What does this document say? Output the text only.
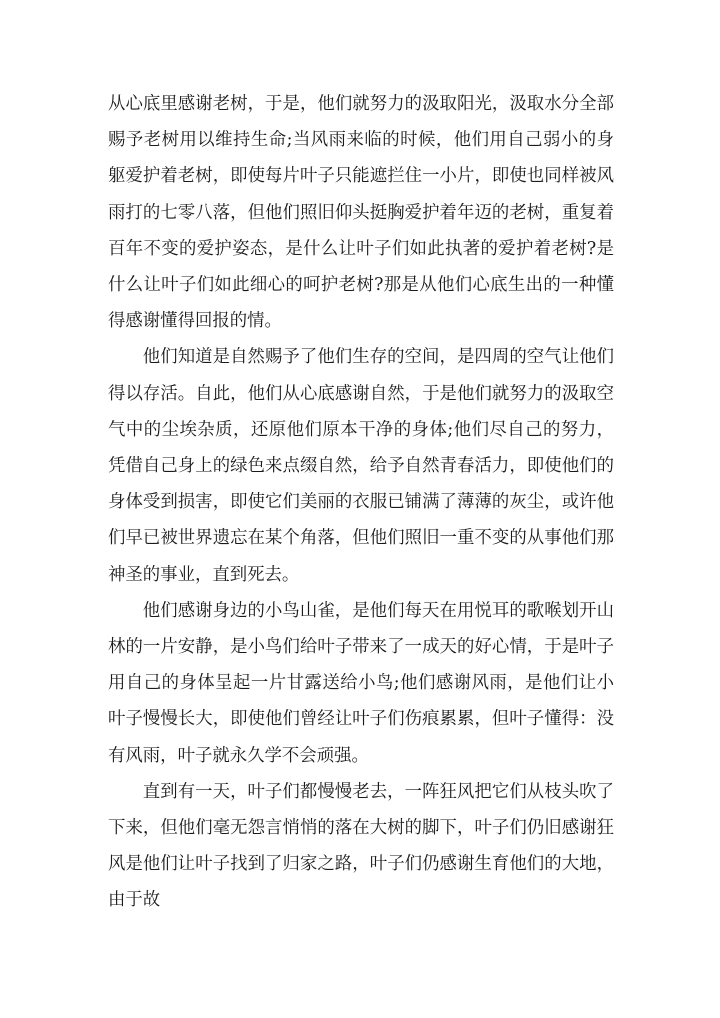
从心底里感谢老树，于是，他们就努力的汲取阳光，汲取水分全部赐予老树用以维持生命;当风雨来临的时候，他们用自己弱小的身躯爱护着老树，即使每片叶子只能遮拦住一小片，即使也同样被风雨打的七零八落，但他们照旧仰头挺胸爱护着年迈的老树，重复着百年不变的爱护姿态，是什么让叶子们如此执著的爱护着老树?是什么让叶子们如此细心的呵护老树?那是从他们心底生出的一种懂得感谢懂得回报的情。

他们知道是自然赐予了他们生存的空间，是四周的空气让他们得以存活。自此，他们从心底感谢自然，于是他们就努力的汲取空气中的尘埃杂质，还原他们原本干净的身体;他们尽自己的努力，凭借自己身上的绿色来点缀自然，给予自然青春活力，即使他们的身体受到损害，即使它们美丽的衣服已铺满了薄薄的灰尘，或许他们早已被世界遗忘在某个角落，但他们照旧一重不变的从事他们那神圣的事业，直到死去。

他们感谢身边的小鸟山雀，是他们每天在用悦耳的歌喉划开山林的一片安静，是小鸟们给叶子带来了一成天的好心情，于是叶子用自己的身体呈起一片甘露送给小鸟;他们感谢风雨，是他们让小叶子慢慢长大，即使他们曾经让叶子们伤痕累累，但叶子懂得：没有风雨，叶子就永久学不会顽强。

直到有一天，叶子们都慢慢老去，一阵狂风把它们从枝头吹了下来，但他们毫无怨言悄悄的落在大树的脚下，叶子们仍旧感谢狂风是他们让叶子找到了归家之路，叶子们仍感谢生育他们的大地，由于故
